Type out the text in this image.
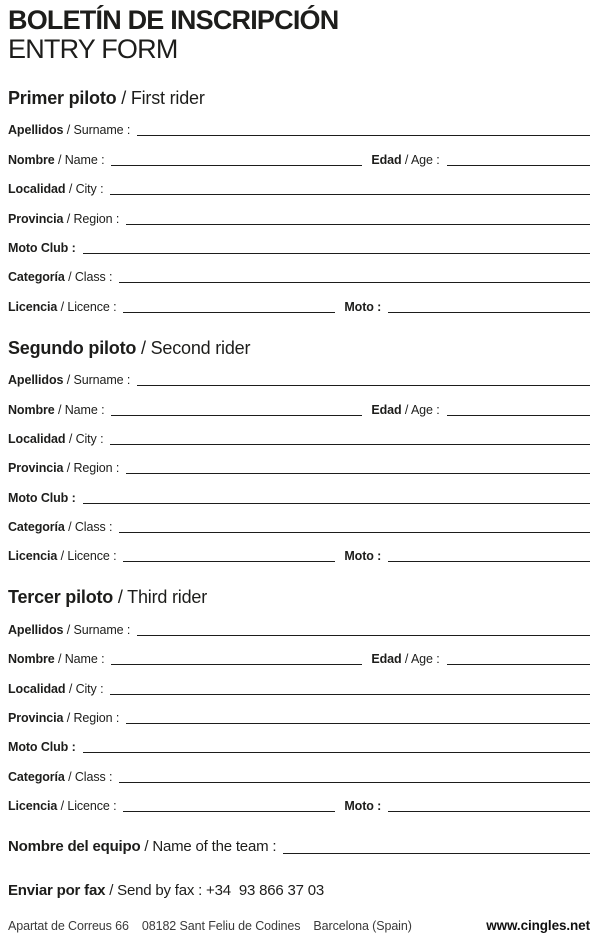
BOLETÍN DE INSCRIPCIÓN
ENTRY FORM
Primer piloto / First rider
Apellidos / Surname :
Nombre / Name :	Edad / Age :
Localidad / City :
Provincia / Region :
Moto Club :
Categoría / Class :
Licencia / Licence :	Moto :
Segundo piloto / Second rider
Apellidos / Surname :
Nombre / Name :	Edad / Age :
Localidad / City :
Provincia / Region :
Moto Club :
Categoría / Class :
Licencia / Licence :	Moto :
Tercer piloto / Third rider
Apellidos / Surname :
Nombre / Name :	Edad / Age :
Localidad / City :
Provincia / Region :
Moto Club :
Categoría / Class :
Licencia / Licence :	Moto :
Nombre del equipo / Name of the team :
Enviar por fax / Send by fax : +34  93 866 37 03
Apartat de Correus 66 08182 Sant Feliu de Codines Barcelona (Spain)	www.cingles.net
